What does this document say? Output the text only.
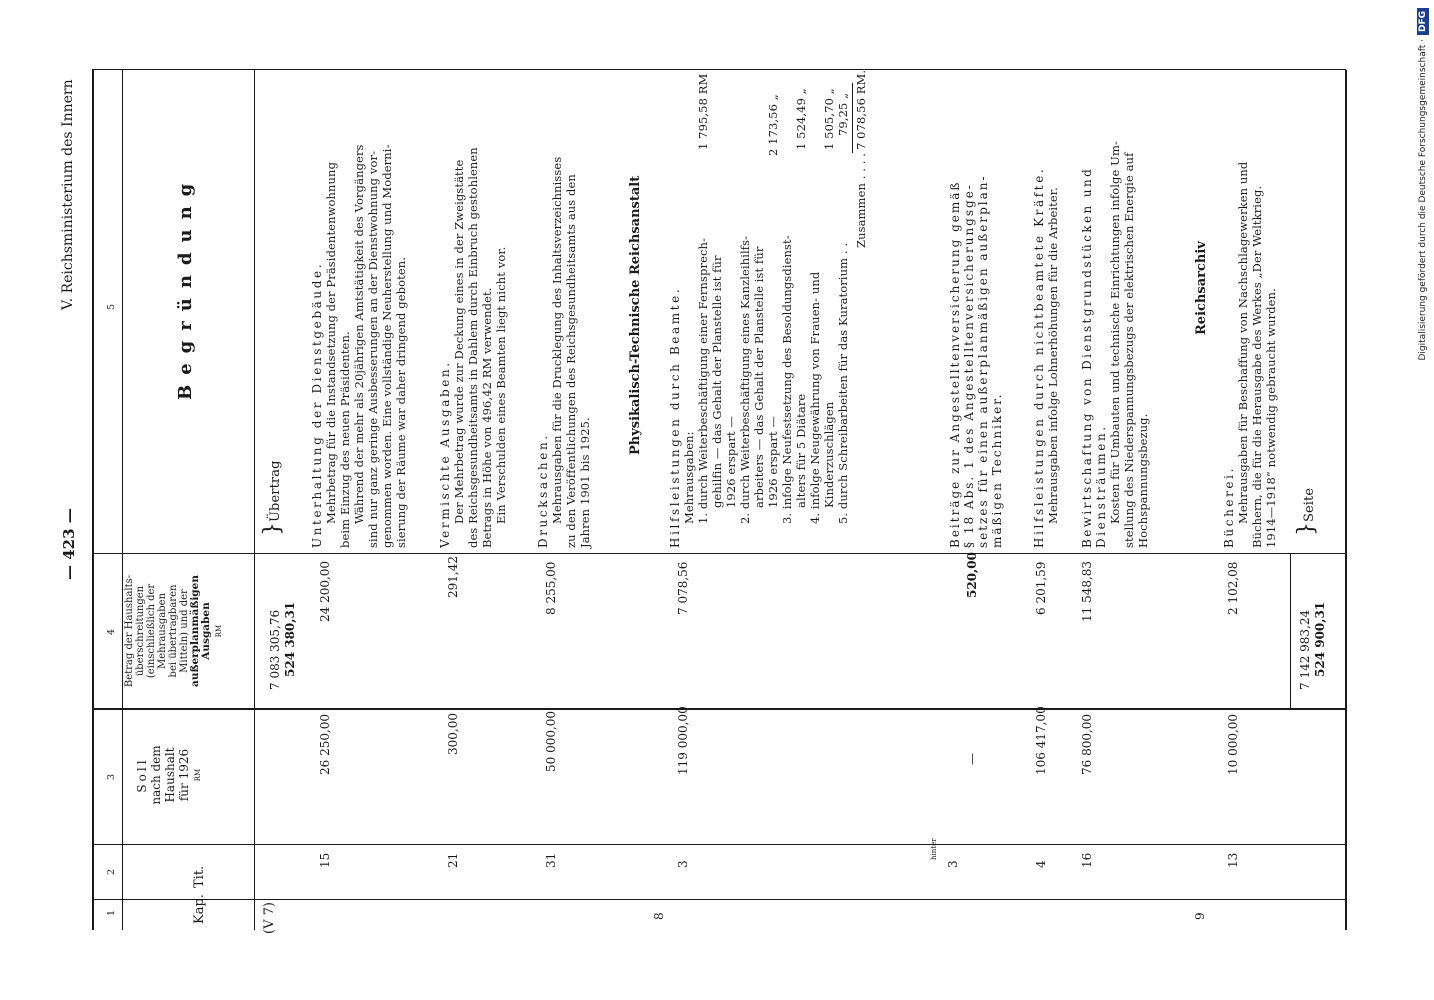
— 423 —
V. Reichsministerium des Innern
1
2
3
4
5
Kap.
Tit.
Soll nach dem Haushalt für 1926 RM
Betrag der Haushalts- überschreitungen (einschließlich der Mehrausgaben bei übertragbaren Mitteln) und der außerplanmäßigen Ausgaben RM
Begründung
(V 7)	8	9
7 083 305,76 524 380,31
}
Übertrag
15
26 250,00
24 200,00
Unterhaltung der Dienstgebäude. Mehrbetrag für die Instandsetzung der Präsidentenwohnung beim Einzug des neuen Präsidenten. Während der mehr als 20jährigen Amtstätigkeit des Vorgängers sind nur ganz geringe Ausbesserungen an der Dienstwohnung vor- genommen worden. Eine vollständige Neuherstellung und Moderni- sierung der Räume war daher dringend geboten.
21
300,00
291,42
Vermischte Ausgaben. Der Mehrbetrag wurde zur Deckung eines in der Zweigstätte des Reichsgesundheitsamts in Dahlem durch Einbruch gestohlenen Betrags in Höhe von 496,42 RM verwendet. Ein Verschulden eines Beamten liegt nicht vor.
31
50 000,00
8 255,00
Drucksachen. Mehrausgaben für die Drucklegung des Inhaltsverzeichnisses zu den Veröffentlichungen des Reichsgesundheitsamts aus den Jahren 1901 bis 1925.
Physikalisch-Technische Reichsanstalt
3
119 000,00
7 078,56
Hilfsleistungen durch Beamte. Mehrausgaben: 1. durch Weiterbeschäftigung einer Fernsprech- gehilfin — das Gehalt der Planstelle ist für 1926 erspart —
1 795,58 RM
2. durch Weiterbeschäftigung eines Kanzleihilfs- arbeiters — das Gehalt der Planstelle ist für 1926 erspart —
2 173,56 „
3. infolge Neufestsetzung des Besoldungsdienst- alters für 5 Diätare
1 524,49 „
4. infolge Neugewährung von Frauen- und Kinderzuschlägen
1 505,70 „
5. durch Schreibarbeiten für das Kuratorium . .
79,25 „
Zusammen . . . .
7 078,56 RM.
hinter
3
—
520,00
Beiträge zur Angestelltenversicherung gemäß § 18 Abs. 1 des Angestelltenversicherungsge- setzes für einen außerplanmäßigen außerplan- mäßigen Techniker.
4
106 417,00
6 201,59
Hilfsleistungen durch nichtbeamtete Kräfte. Mehrausgaben infolge Lohnerhöhungen für die Arbeiter.
16
76 800,00
11 548,83
Bewirtschaftung von Dienstgrundstücken und Diensträumen. Kosten für Umbauten und technische Einrichtungen infolge Um- stellung des Niederspannungsbezugs der elektrischen Energie auf Hochspannungsbezug.
Reichsarchiv
13
10 000,00
2 102,08
Bücherei. Mehrausgaben für Beschaffung von Nachschlagewerken und Büchern, die für die Herausgabe des Werkes „Der Weltkrieg. 1914—1918“ notwendig gebraucht wurden.
7 142 983,24 524 900,31
}
Seite
Digitalisierung gefördert durch die Deutsche Forschungsgemeinschaft ·DFG
